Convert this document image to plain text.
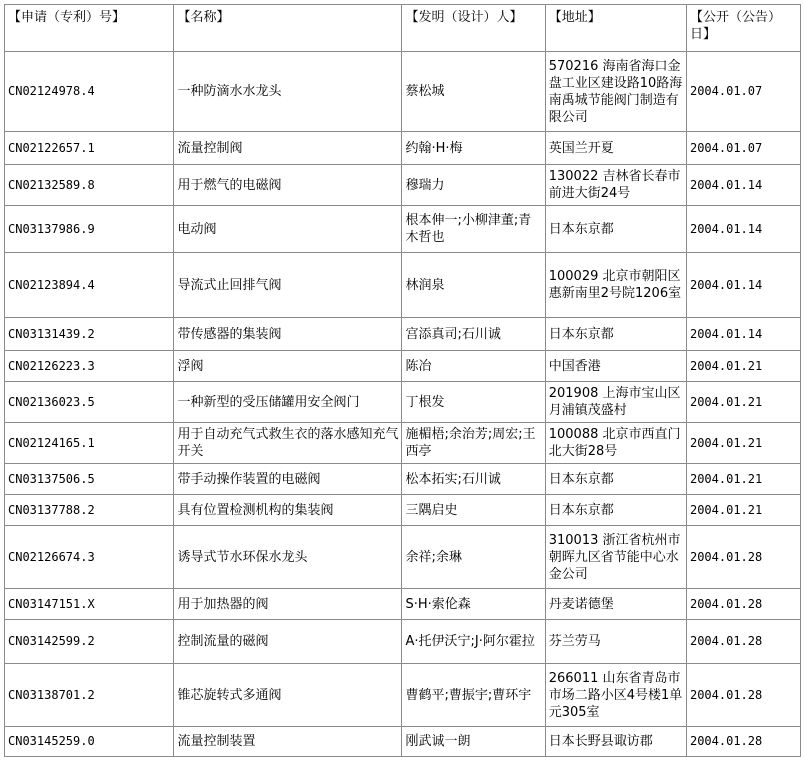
【申请（专利）号】	【名称】	【发明（设计）人】	【地址】	【公开（公告）日】
CN02124978.4	一种防滴水水龙头	蔡松城	570216 海南省海口金盘工业区建设路10路海南禹城节能阀门制造有限公司	2004.01.07
CN02122657.1	流量控制阀	约翰·H·梅	英国兰开夏	2004.01.07
CN02132589.8	用于燃气的电磁阀	穆瑞力	130022 吉林省长春市前进大街24号	2004.01.14
CN03137986.9	电动阀	根本伸一;小柳津董;青木哲也	日本东京都	2004.01.14
CN02123894.4	导流式止回排气阀	林润泉	100029 北京市朝阳区惠新南里2号院1206室	2004.01.14
CN03131439.2	带传感器的集装阀	宫添真司;石川诚	日本东京都	2004.01.14
CN02126223.3	浮阀	陈冶	中国香港	2004.01.21
CN02136023.5	一种新型的受压储罐用安全阀门	丁根发	201908 上海市宝山区月浦镇茂盛村	2004.01.21
CN02124165.1	用于自动充气式救生衣的落水感知充气开关	施楣梧;余治芳;周宏;王西亭	100088 北京市西直门北大街28号	2004.01.21
CN03137506.5	带手动操作装置的电磁阀	松本拓实;石川诚	日本东京都	2004.01.21
CN03137788.2	具有位置检测机构的集装阀	三隅启史	日本东京都	2004.01.21
CN02126674.3	诱导式节水环保水龙头	余祥;余琳	310013 浙江省杭州市朝晖九区省节能中心水金公司	2004.01.28
CN03147151.X	用于加热器的阀	S·H·索伦森	丹麦诺德堡	2004.01.28
CN03142599.2	控制流量的磁阀	A·托伊沃宁;J·阿尔霍拉	芬兰劳马	2004.01.28
CN03138701.2	锥芯旋转式多通阀	曹鹤平;曹振宇;曹环宇	266011 山东省青岛市市场二路小区4号楼1单元305室	2004.01.28
CN03145259.0	流量控制装置	刚武诚一朗	日本长野县诹访郡	2004.01.28
